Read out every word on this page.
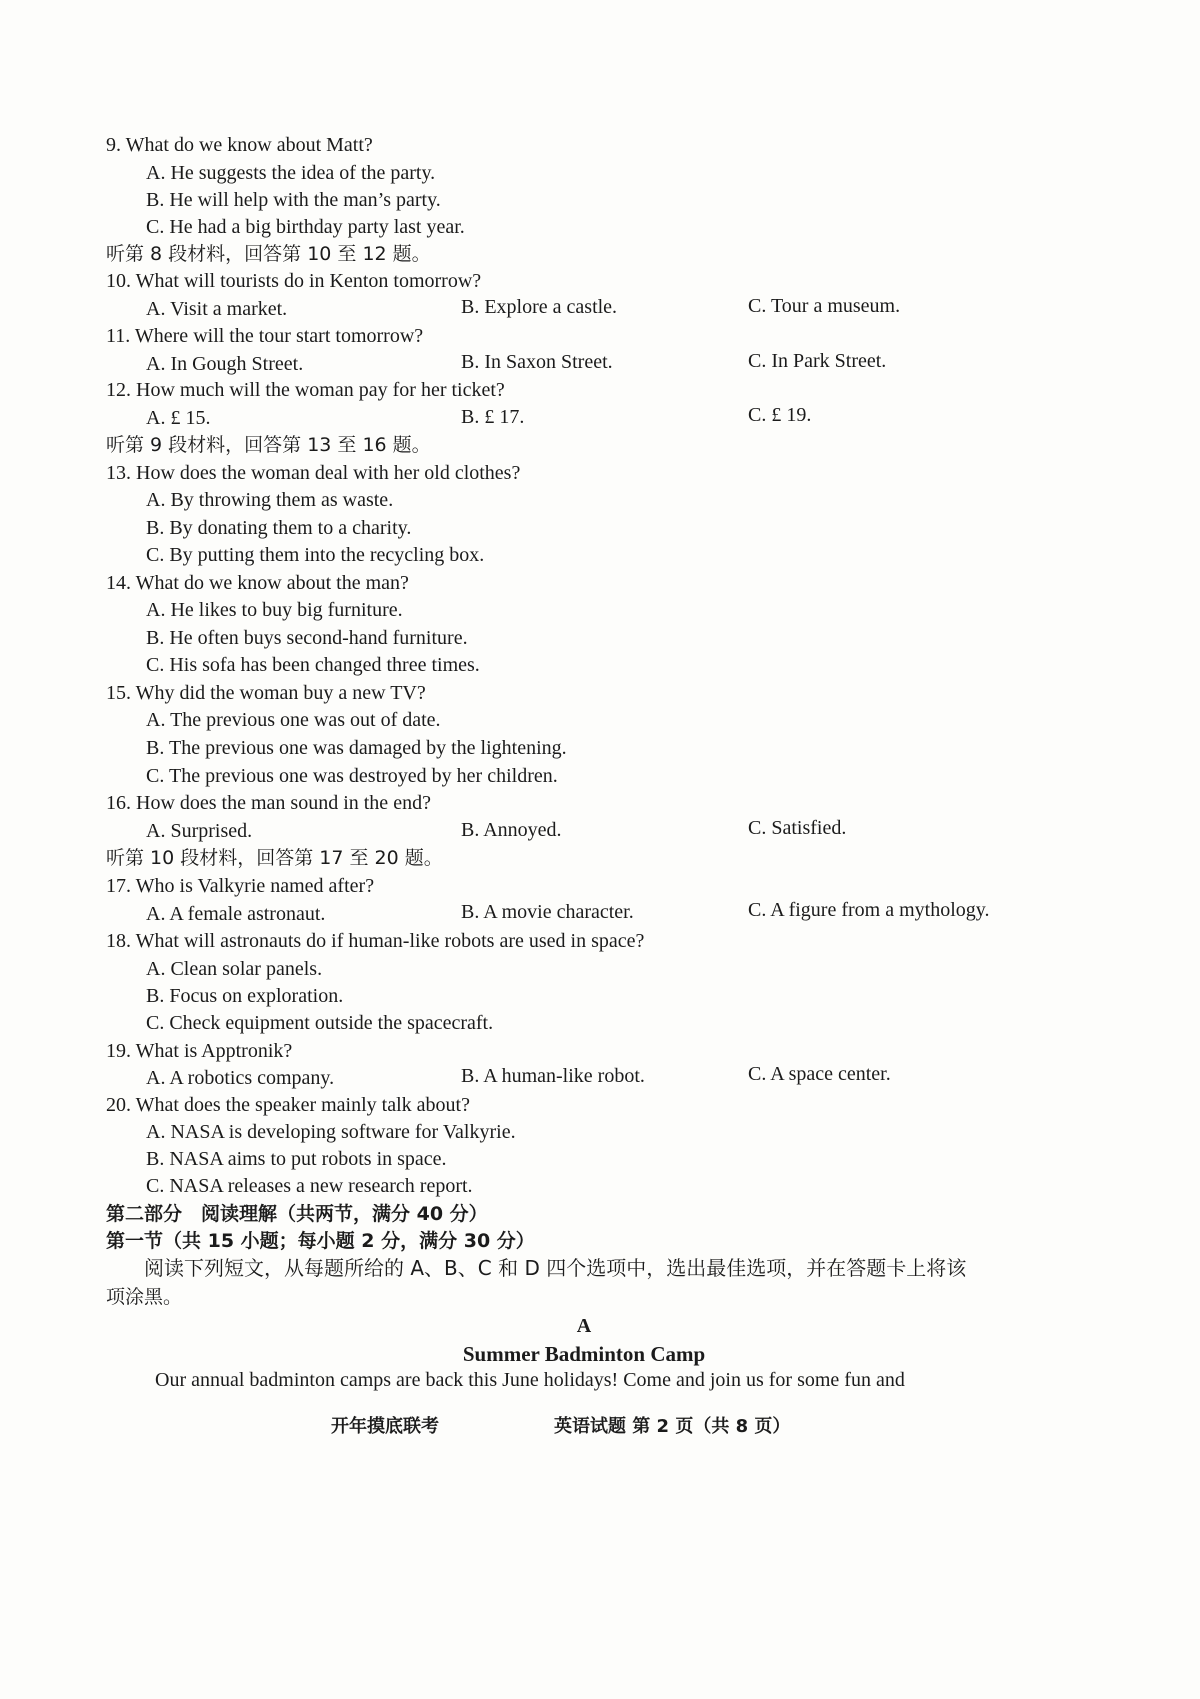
9. What do we know about Matt?
A. He suggests the idea of the party.
B. He will help with the man’s party.
C. He had a big birthday party last year.
听第 8 段材料，回答第 10 至 12 题。
10. What will tourists do in Kenton tomorrow?
A. Visit a market.	B. Explore a castle.	C. Tour a museum.
11. Where will the tour start tomorrow?
A. In Gough Street.	B. In Saxon Street.	C. In Park Street.
12. How much will the woman pay for her ticket?
A. £ 15.	B. £ 17.	C. £ 19.
听第 9 段材料，回答第 13 至 16 题。
13. How does the woman deal with her old clothes?
A. By throwing them as waste.
B. By donating them to a charity.
C. By putting them into the recycling box.
14. What do we know about the man?
A. He likes to buy big furniture.
B. He often buys second-hand furniture.
C. His sofa has been changed three times.
15. Why did the woman buy a new TV?
A. The previous one was out of date.
B. The previous one was damaged by the lightening.
C. The previous one was destroyed by her children.
16. How does the man sound in the end?
A. Surprised.	B. Annoyed.	C. Satisfied.
听第 10 段材料，回答第 17 至 20 题。
17. Who is Valkyrie named after?
A. A female astronaut.	B. A movie character.	C. A figure from a mythology.
18. What will astronauts do if human-like robots are used in space?
A. Clean solar panels.
B. Focus on exploration.
C. Check equipment outside the spacecraft.
19. What is Apptronik?
A. A robotics company.	B. A human-like robot.	C. A space center.
20. What does the speaker mainly talk about?
A. NASA is developing software for Valkyrie.
B. NASA aims to put robots in space.
C. NASA releases a new research report.
第二部分　阅读理解（共两节，满分 40 分）
第一节（共 15 小题；每小题 2 分，满分 30 分）
阅读下列短文，从每题所给的 A、B、C 和 D 四个选项中，选出最佳选项，并在答题卡上将该
项涂黑。
A
Summer Badminton Camp
Our annual badminton camps are back this June holidays! Come and join us for some fun and
开年摸底联考	英语试题 第 2 页（共 8 页）
